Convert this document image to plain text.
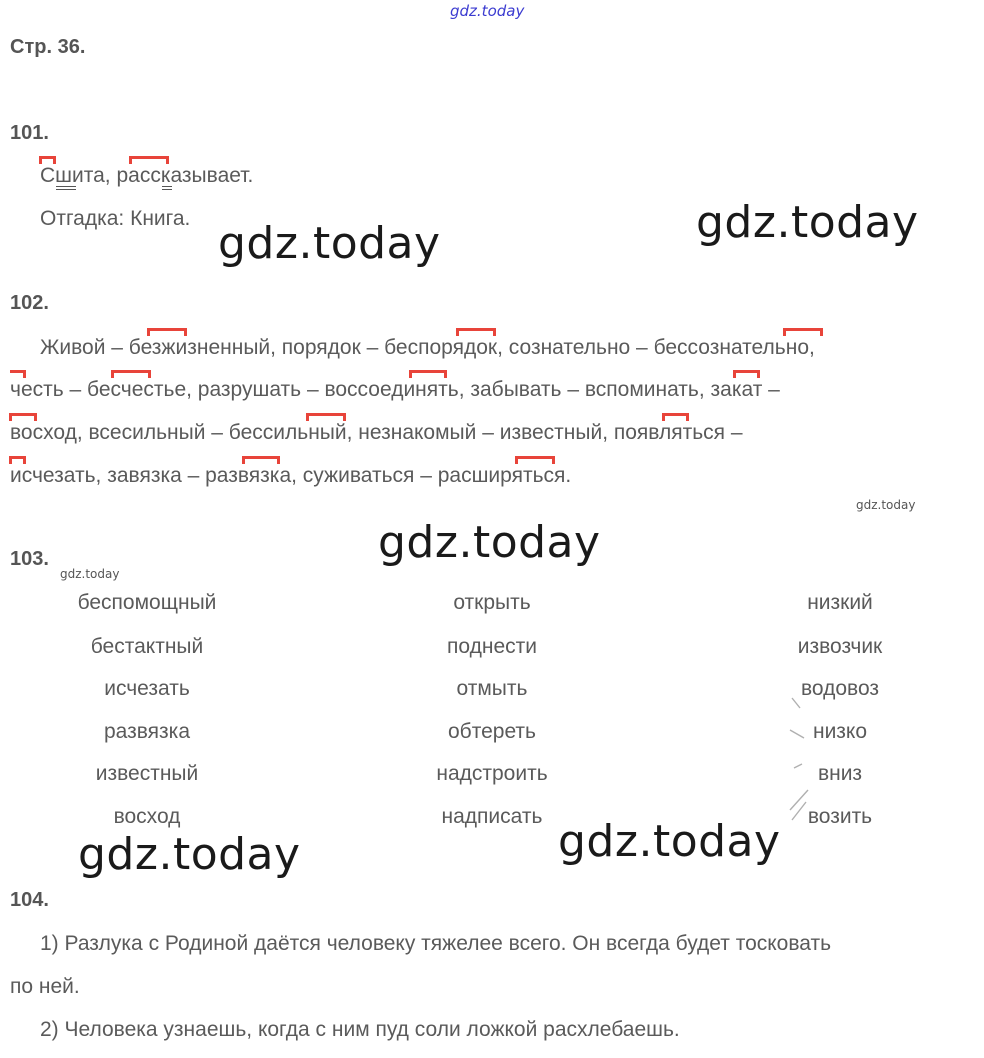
gdz.today
Стр. 36.
101.
Сшита, рассказывает.
Отгадка: Книга. gdz.today	gdz.today
102.
Живой – безжизненный, порядок – беспорядок, сознательно – бессознательно,
честь – бесчестье, разрушать – воссоединять, забывать – вспоминать, закат –
восход, всесильный – бессильный, незнакомый – известный, появляться –
исчезать, завязка – развязка, суживаться – расширяться.
gdz.today
gdz.today
103.
gdz.today
беспомощный
бестактный
исчезать
развязка
известный
восход
открыть
поднести
отмыть
обтереть
надстроить
надписать
низкий
извозчик
водовоз
низко
вниз
возить
gdz.today	gdz.today
104.
1) Разлука с Родиной даётся человеку тяжелее всего. Он всегда будет тосковать
по ней.
2) Человека узнаешь, когда с ним пуд соли ложкой расхлебаешь.
